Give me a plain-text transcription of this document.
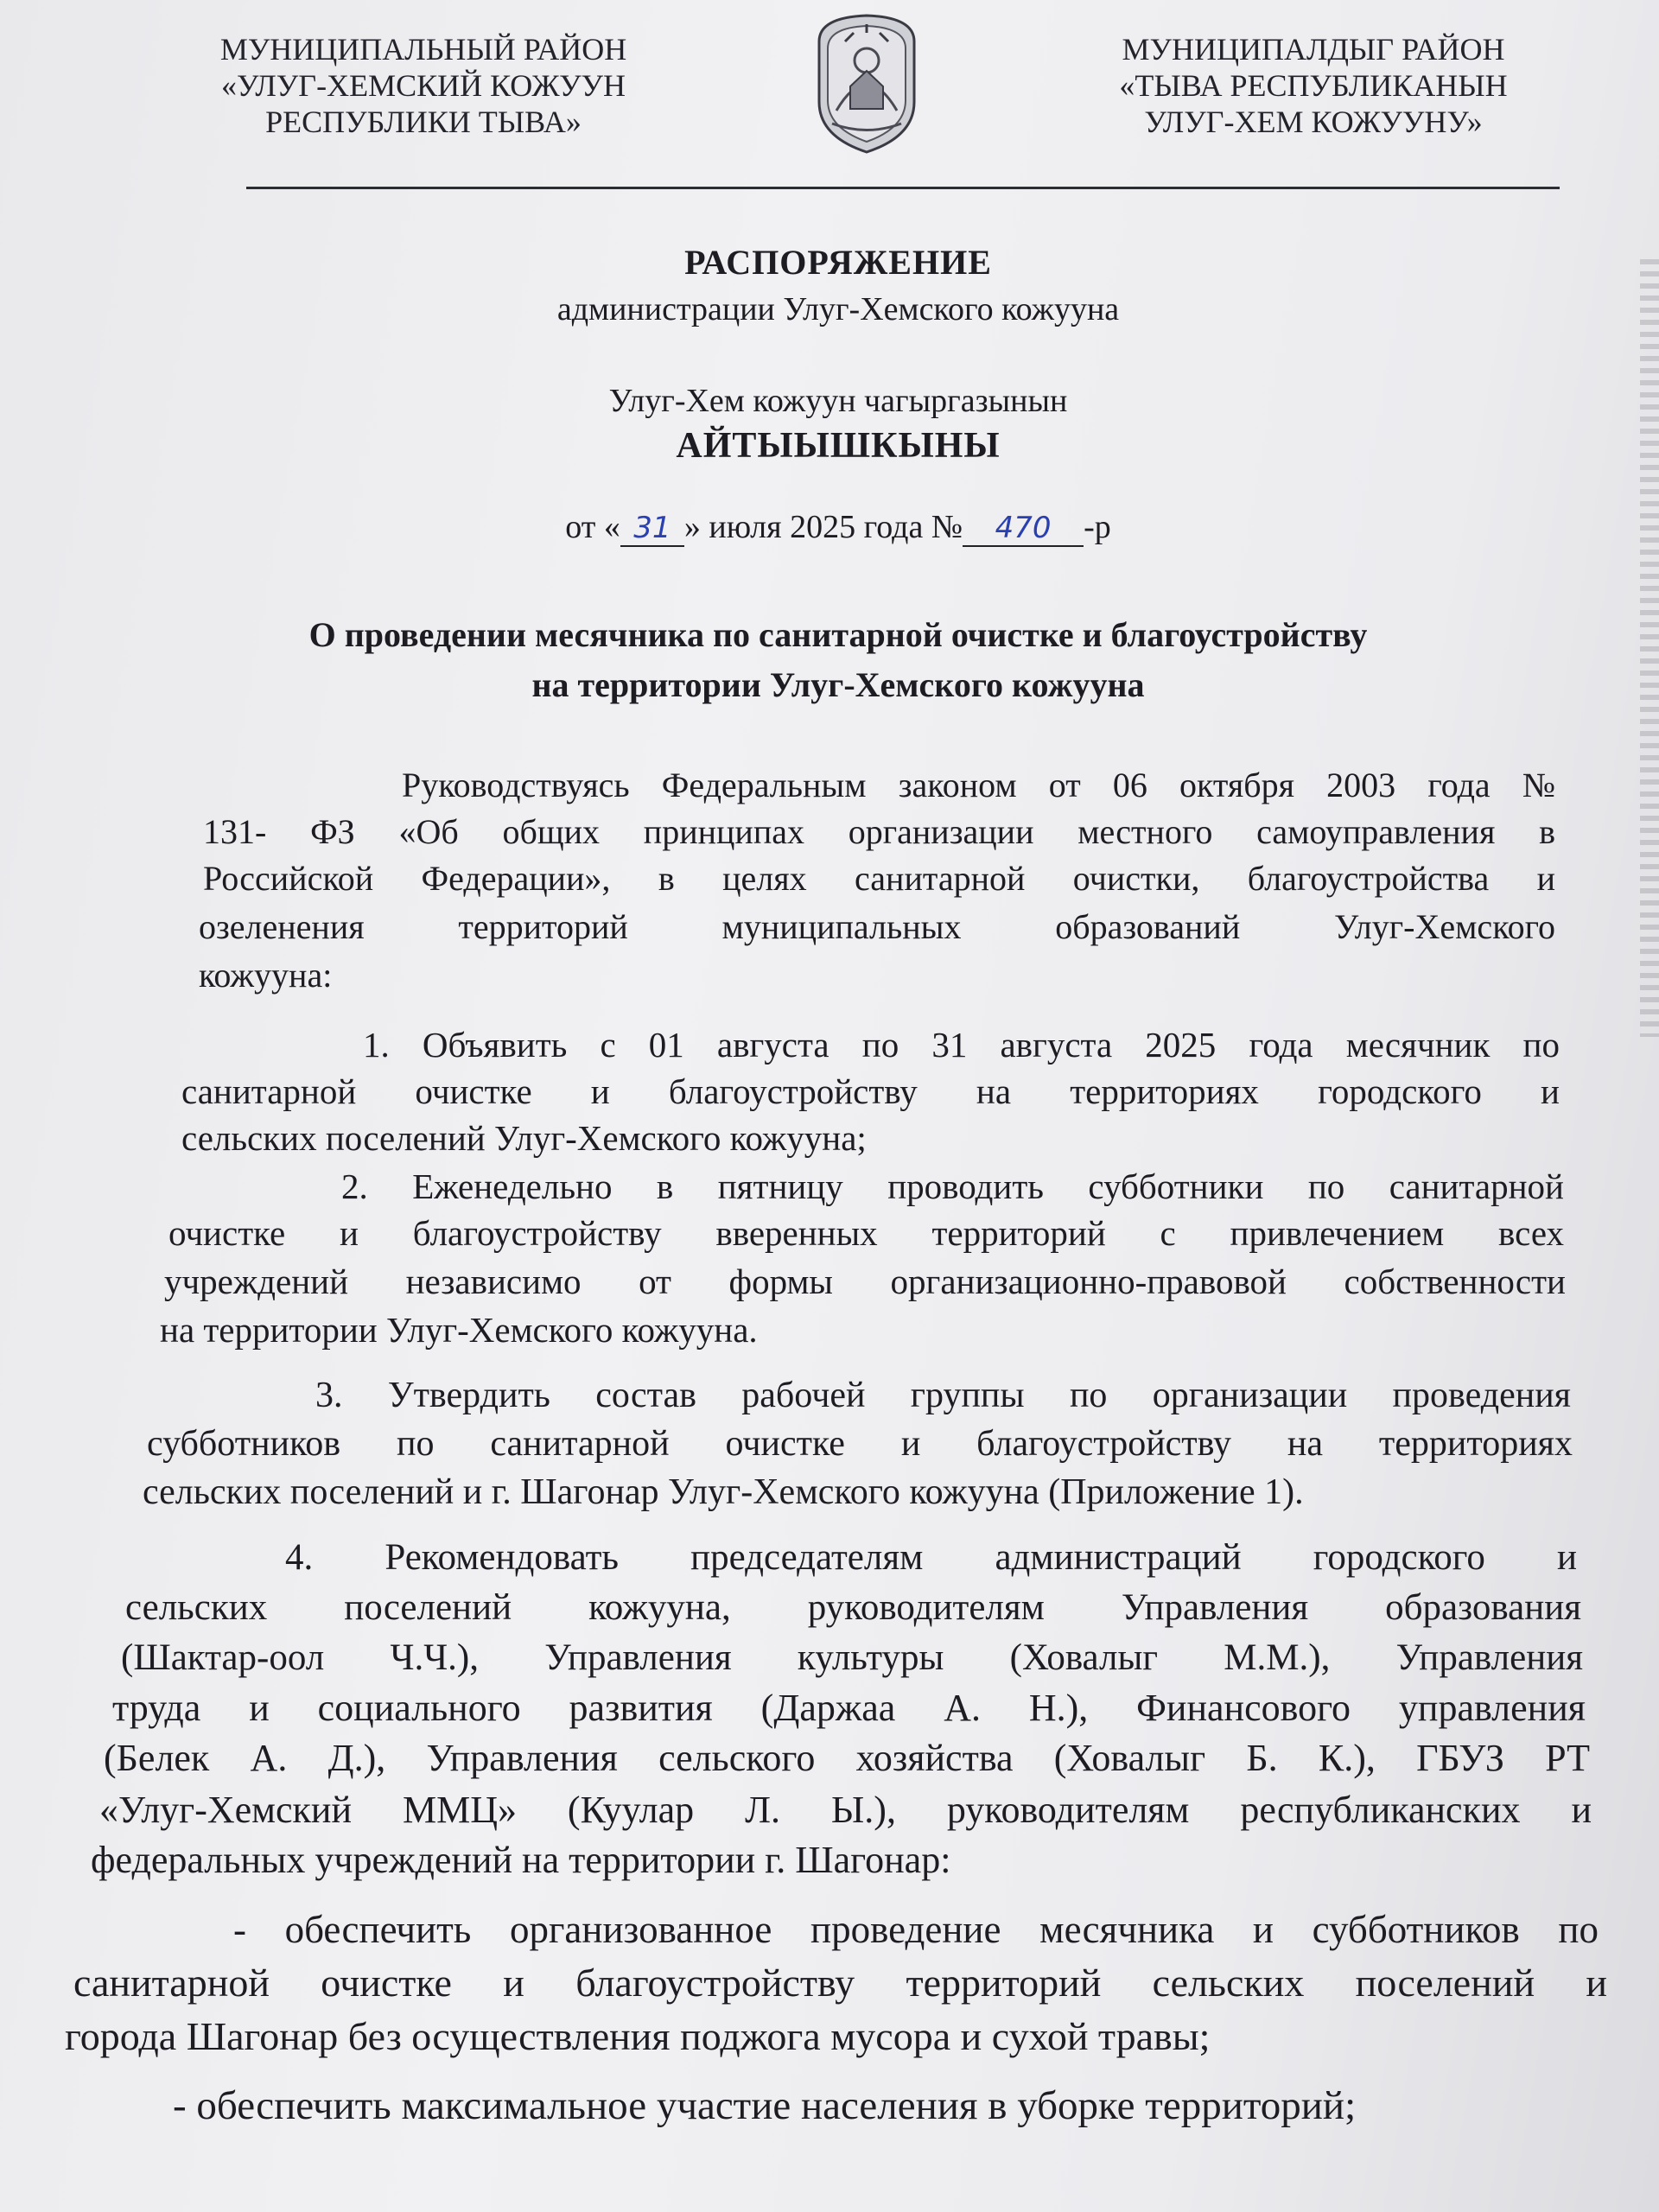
МУНИЦИПАЛЬНЫЙ РАЙОН
«УЛУГ-ХЕМСКИЙ КОЖУУН
РЕСПУБЛИКИ ТЫВА»
МУНИЦИПАЛДЫГ РАЙОН
«ТЫВА РЕСПУБЛИКАНЫН
УЛУГ-ХЕМ КОЖУУНУ»
РАСПОРЯЖЕНИЕ
администрации Улуг-Хемского кожууна
Улуг-Хем кожуун чагыргазынын
АЙТЫЫШКЫНЫ
от « 31 » июля 2025 года № 470 -р
О проведении месячника по санитарной очистке и благоустройству
на территории Улуг-Хемского кожууна
Руководствуясь Федеральным законом от 06 октября 2003 года №
131- ФЗ «Об общих принципах организации местного самоуправления в
Российской Федерации», в целях санитарной очистки, благоустройства и
озеленения территорий муниципальных образований Улуг-Хемского
кожууна:
1. Объявить с 01 августа по 31 августа 2025 года месячник по
санитарной очистке и благоустройству на территориях городского и
сельских поселений Улуг-Хемского кожууна;
2. Еженедельно в пятницу проводить субботники по санитарной
очистке и благоустройству вверенных территорий с привлечением всех
учреждений независимо от формы организационно-правовой собственности
на территории Улуг-Хемского кожууна.
3. Утвердить состав рабочей группы по организации проведения
субботников по санитарной очистке и благоустройству на территориях
сельских поселений и г. Шагонар Улуг-Хемского кожууна (Приложение 1).
4. Рекомендовать председателям администраций городского и
сельских поселений кожууна, руководителям Управления образования
(Шактар-оол Ч.Ч.), Управления культуры (Ховалыг М.М.), Управления
труда и социального развития (Даржаа А. Н.), Финансового управления
(Белек А. Д.), Управления сельского хозяйства (Ховалыг Б. К.), ГБУЗ РТ
«Улуг-Хемский ММЦ» (Куулар Л. Ы.), руководителям республиканских и
федеральных учреждений на территории г. Шагонар:
- обеспечить организованное проведение месячника и субботников по
санитарной очистке и благоустройству территорий сельских поселений и
города Шагонар без осуществления поджога мусора и сухой травы;
- обеспечить максимальное участие населения в уборке территорий;
